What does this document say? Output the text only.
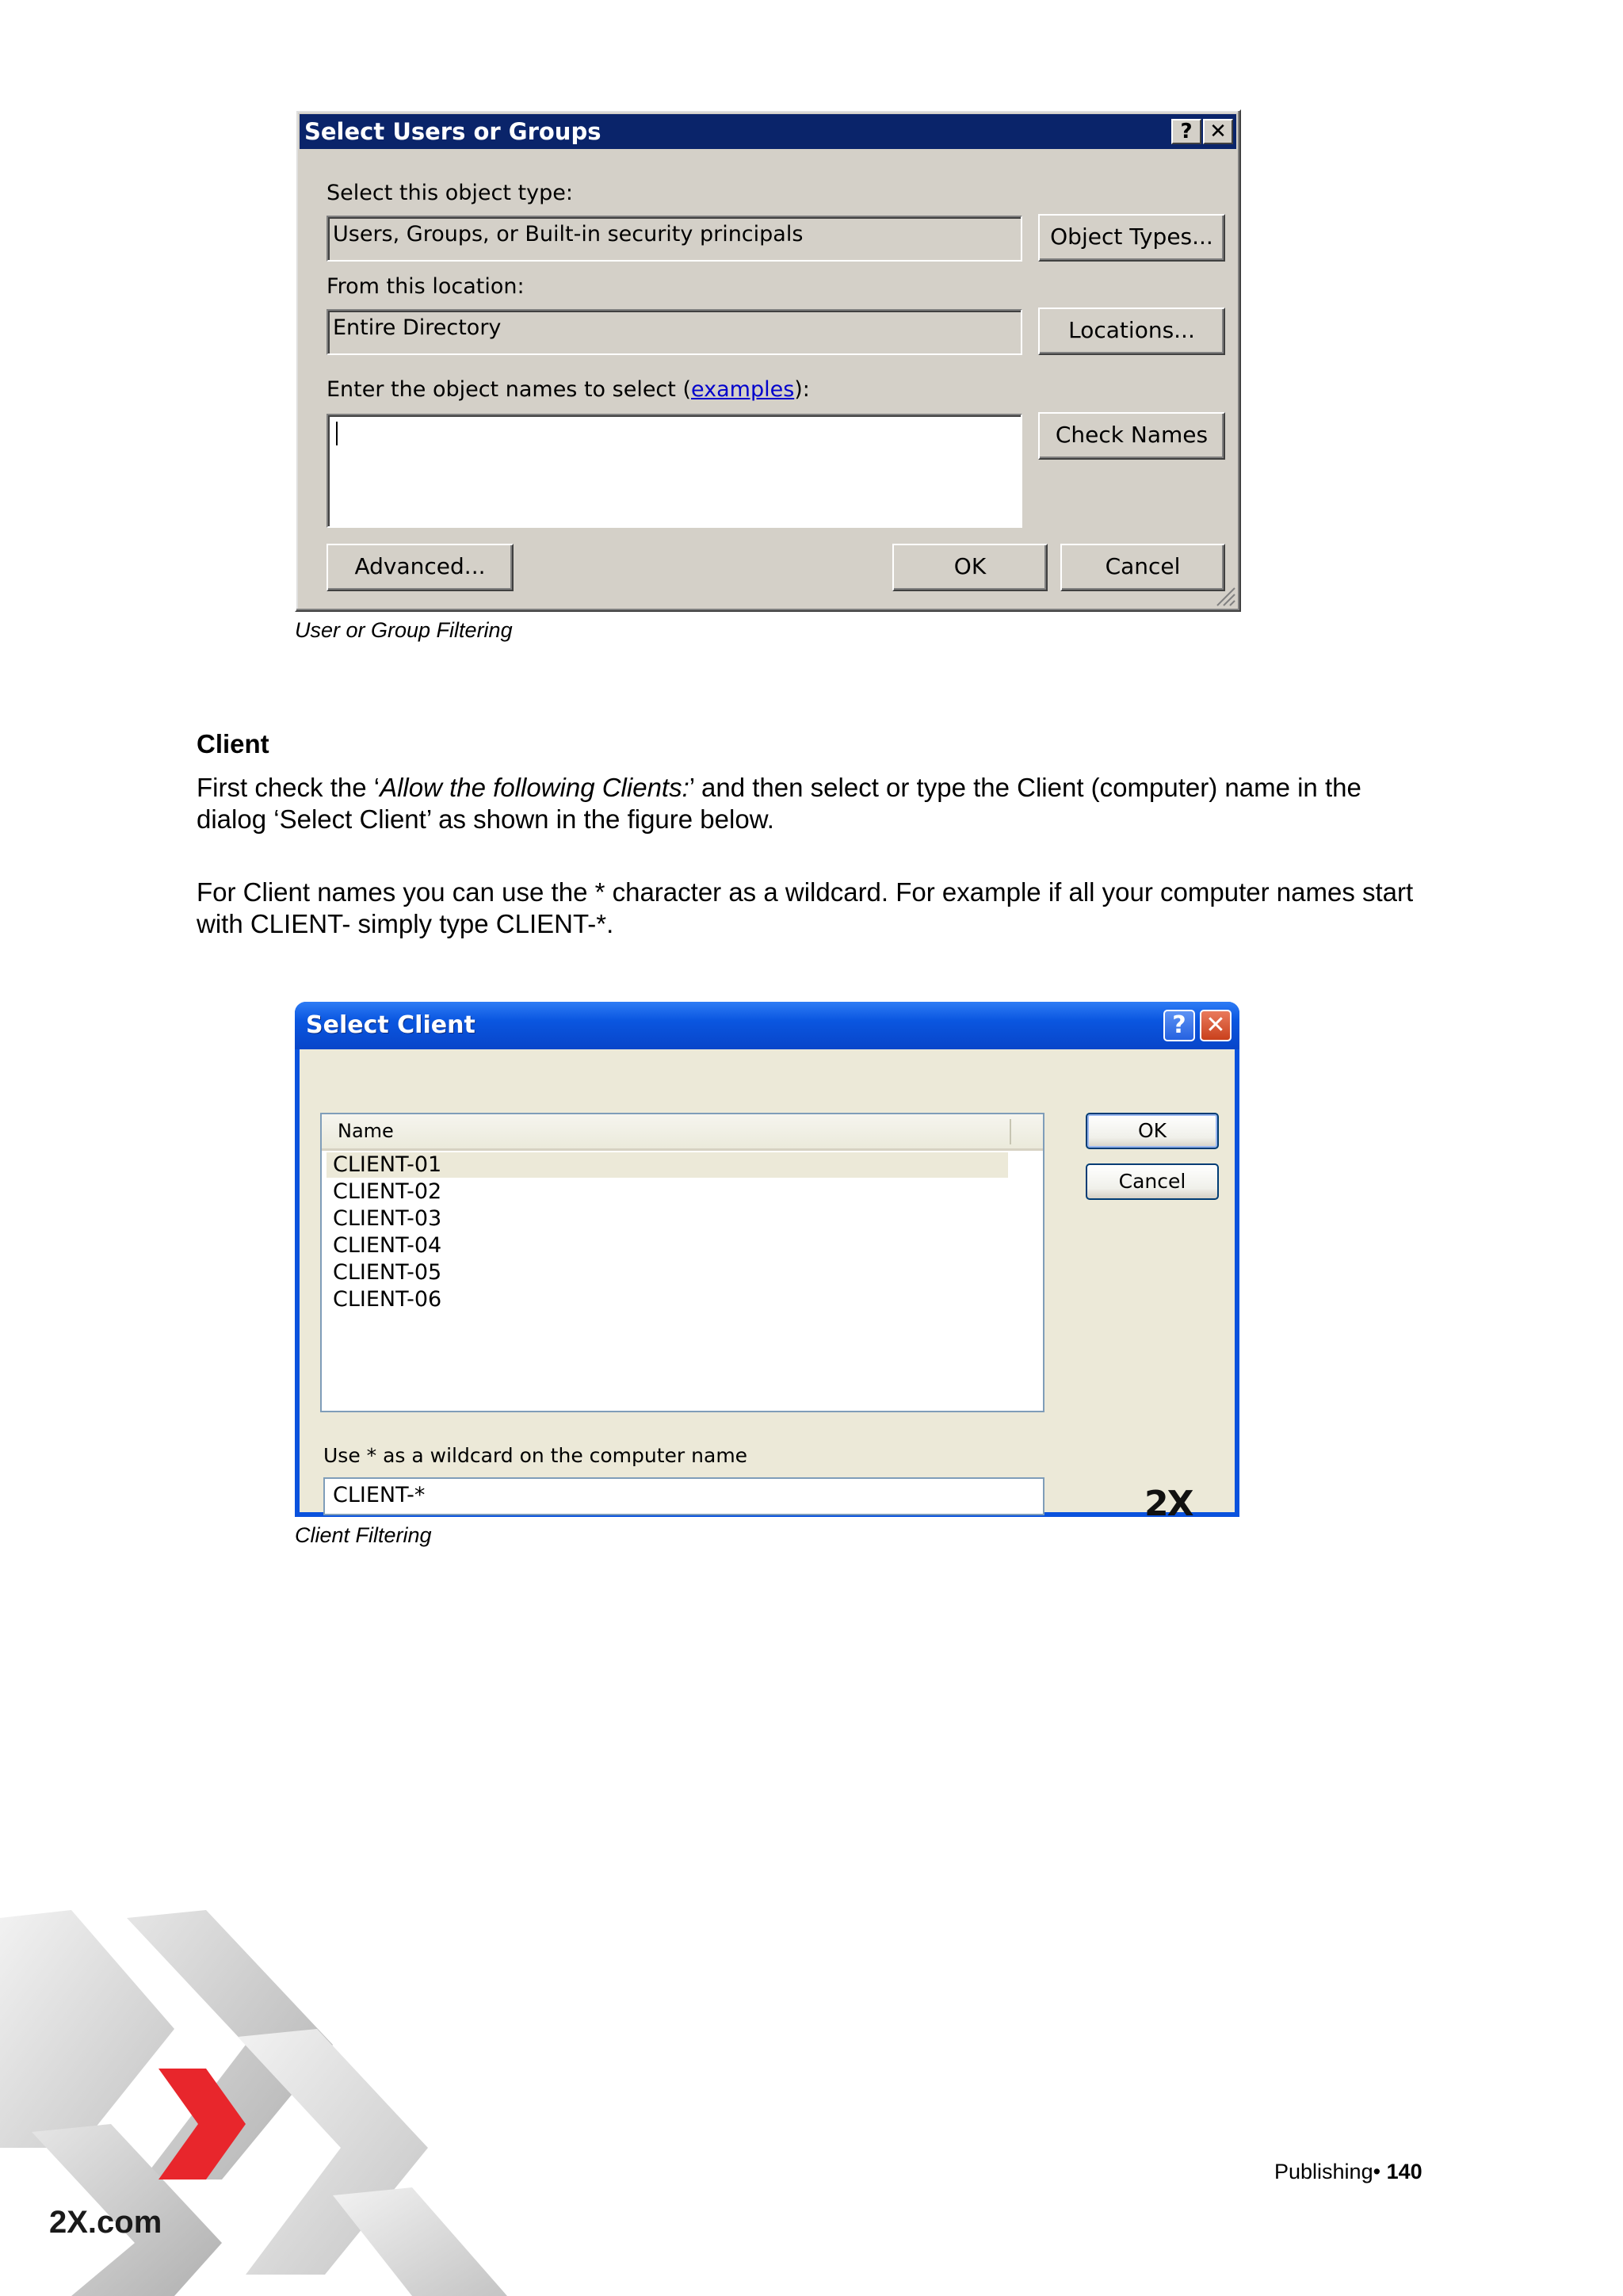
Select Users or Groups	? ✕
Select this object type:
Users, Groups, or Built-in security principals	Object Types...
From this location:
Entire Directory	Locations...
Enter the object names to select (examples):
Check Names
Advanced...	OK	Cancel
User or Group Filtering
Client
First check the ‘Allow the following Clients:’ and then select or type the Client (computer) name in the dialog ‘Select Client’ as shown in the figure below.
For Client names you can use the * character as a wildcard. For example if all your computer names start with CLIENT- simply type CLIENT-*.
Select Client	? ✕
Name
CLIENT-01
CLIENT-02
CLIENT-03
CLIENT-04
CLIENT-05
CLIENT-06
OK
Cancel
Use * as a wildcard on the computer name
CLIENT-*	2X
Client Filtering
Publishing• 140
2X.com
